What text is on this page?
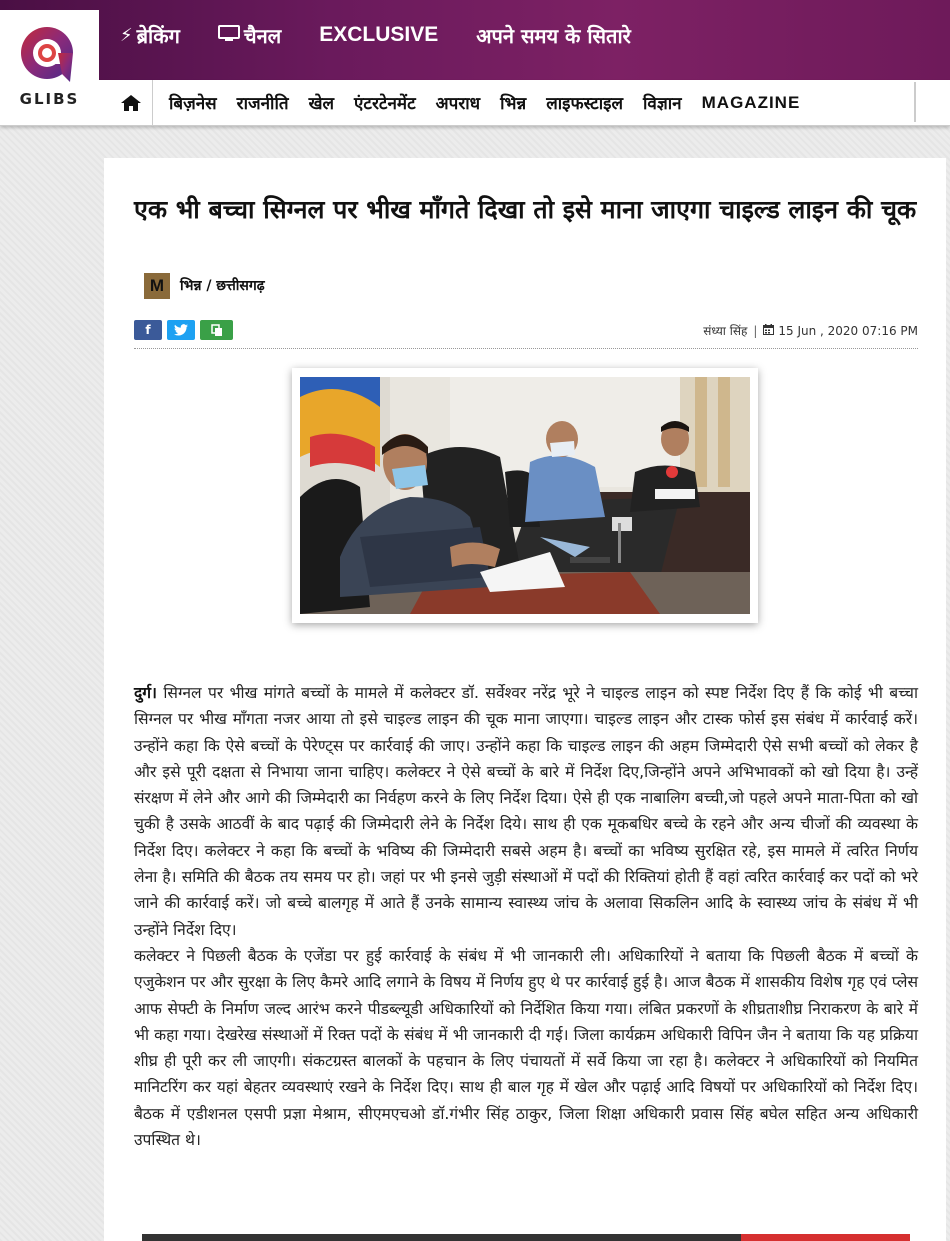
⚡︎ ब्रेकिंग	चैनल EXCLUSIVE अपने समय के सितारे
GLIBS	बिज़नेस राजनीति खेल एंटरटेनमेंट अपराध भिन्न लाइफस्टाइल विज्ञान MAGAZINE
एक भी बच्चा सिग्नल पर भीख माँगते दिखा तो इसे माना जाएगा चाइल्ड लाइन की चूक
M	भिन्न / छत्तीसगढ़
f	संध्या सिंह | 15 Jun , 2020 07:16 PM

दुर्ग। सिग्नल पर भीख मांगते बच्चों के मामले में कलेक्टर डॉ. सर्वेश्वर नरेंद्र भूरे ने चाइल्ड लाइन को स्पष्ट निर्देश दिए हैं कि कोई भी बच्चा सिग्नल पर भीख माँगता नजर आया तो इसे चाइल्ड लाइन की चूक माना जाएगा। चाइल्ड लाइन और टास्क फोर्स इस संबंध में कार्रवाई करें। उन्होंने कहा कि ऐसे बच्चों के पेरेण्ट्स पर कार्रवाई की जाए। उन्होंने कहा कि चाइल्ड लाइन की अहम जिम्मेदारी ऐसे सभी बच्चों को लेकर है और इसे पूरी दक्षता से निभाया जाना चाहिए। कलेक्टर ने ऐसे बच्चों के बारे में निर्देश दिए,जिन्होंने अपने अभिभावकों को खो दिया है। उन्हें संरक्षण में लेने और आगे की जिम्मेदारी का निर्वहण करने के लिए निर्देश दिया। ऐसे ही एक नाबालिग बच्ची,जो पहले अपने माता-पिता को खो चुकी है उसके आठवीं के बाद पढ़ाई की जिम्मेदारी लेने के निर्देश दिये। साथ ही एक मूकबधिर बच्चे के रहने और अन्य चीजों की व्यवस्था के निर्देश दिए। कलेक्टर ने कहा कि बच्चों के भविष्य की जिम्मेदारी सबसे अहम है। बच्चों का भविष्य सुरक्षित रहे, इस मामले में त्वरित निर्णय लेना है। समिति की बैठक तय समय पर हो। जहां पर भी इनसे जुड़ी संस्थाओं में पदों की रिक्तियां होती हैं वहां त्वरित कार्रवाई कर पदों को भरे जाने की कार्रवाई करें। जो बच्चे बालगृह में आते हैं उनके सामान्य स्वास्थ्य जांच के अलावा सिकलिन आदि के स्वास्थ्य जांच के संबंध में भी उन्होंने निर्देश दिए।

कलेक्टर ने पिछली बैठक के एजेंडा पर हुई कार्रवाई के संबंध में भी जानकारी ली। अधिकारियों ने बताया कि पिछली बैठक में बच्चों के एजुकेशन पर और सुरक्षा के लिए कैमरे आदि लगाने के विषय में निर्णय हुए थे पर कार्रवाई हुई है। आज बैठक में शासकीय विशेष गृह एवं प्लेस आफ सेफ्टी के निर्माण जल्द आरंभ करने पीडब्ल्यूडी अधिकारियों को निर्देशित किया गया। लंबित प्रकरणों के शीघ्रताशीघ्र निराकरण के बारे में भी कहा गया। देखरेख संस्थाओं में रिक्त पदों के संबंध में भी जानकारी दी गई। जिला कार्यक्रम अधिकारी विपिन जैन ने बताया कि यह प्रक्रिया शीघ्र ही पूरी कर ली जाएगी। संकटग्रस्त बालकों के पहचान के लिए पंचायतों में सर्वे किया जा रहा है। कलेक्टर ने अधिकारियों को नियमित मानिटरिंग कर यहां बेहतर व्यवस्थाएं रखने के निर्देश दिए। साथ ही बाल गृह में खेल और पढ़ाई आदि विषयों पर अधिकारियों को निर्देश दिए। बैठक में एडीशनल एसपी प्रज्ञा मेश्राम, सीएमएचओ डॉ.गंभीर सिंह ठाकुर, जिला शिक्षा अधिकारी प्रवास सिंह बघेल सहित अन्य अधिकारी उपस्थित थे।
